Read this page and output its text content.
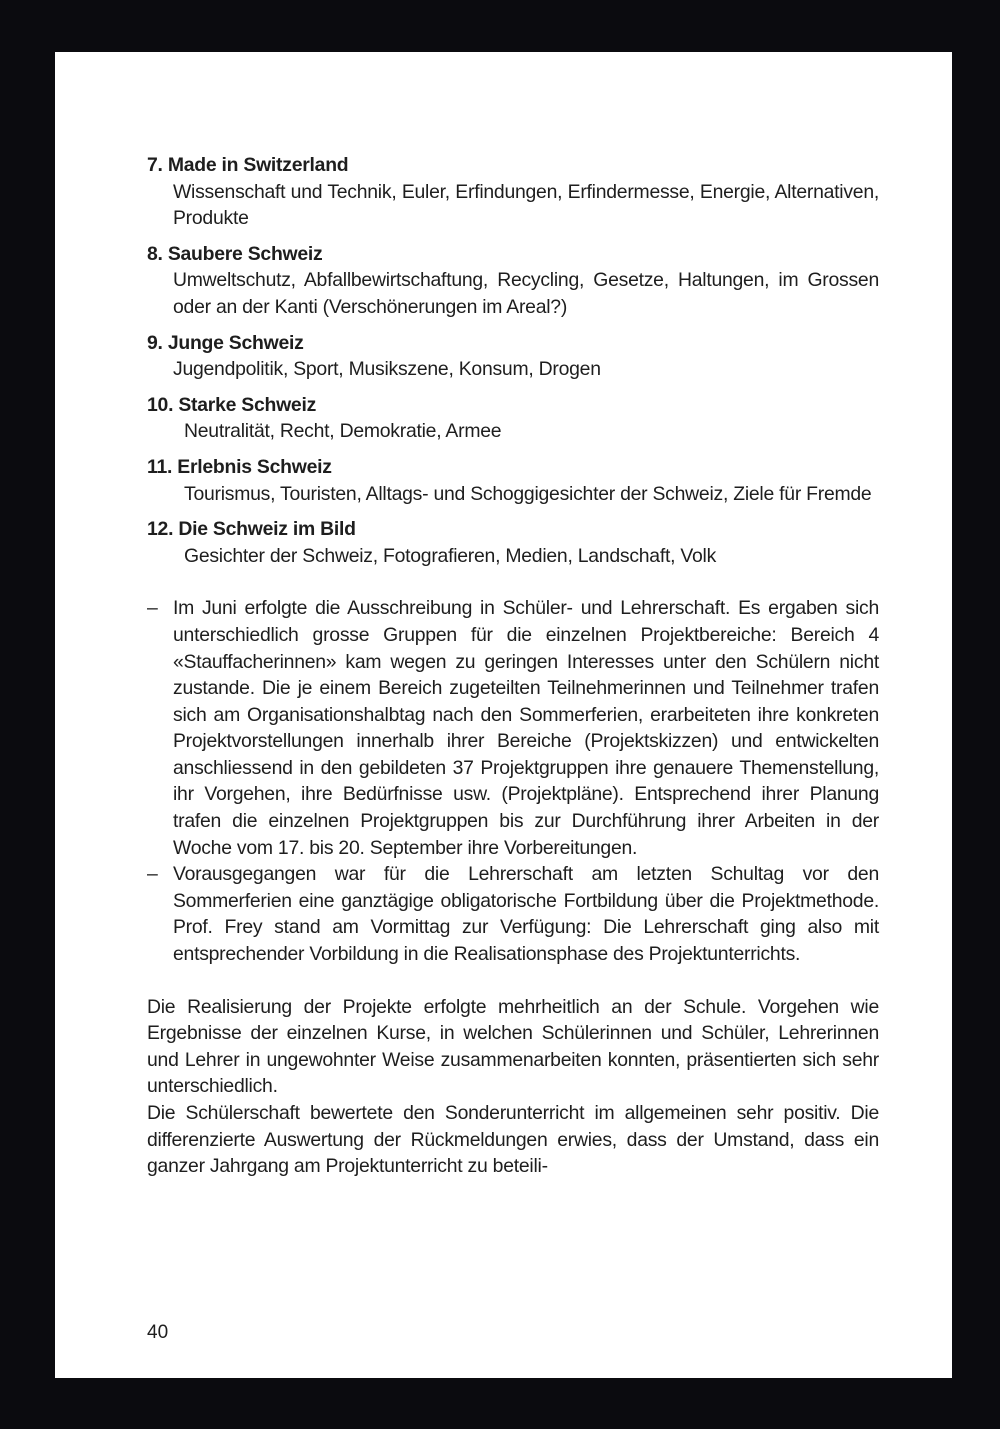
7.
Made in Switzerland
Wissenschaft und Technik, Euler, Erfindungen, Erfindermesse, Energie, Alternativen, Produkte
8.
Saubere Schweiz
Umweltschutz, Abfallbewirtschaftung, Recycling, Gesetze, Haltungen, im Grossen oder an der Kanti (Verschönerungen im Areal?)
9.
Junge Schweiz
Jugendpolitik, Sport, Musikszene, Konsum, Drogen
10.
Starke Schweiz
Neutralität, Recht, Demokratie, Armee
11.
Erlebnis Schweiz
Tourismus, Touristen, Alltags- und Schoggigesichter der Schweiz, Ziele für Fremde
12.
Die Schweiz im Bild
Gesichter der Schweiz, Fotografieren, Medien, Landschaft, Volk
– Im Juni erfolgte die Ausschreibung in Schüler- und Lehrerschaft. Es ergaben sich unterschiedlich grosse Gruppen für die einzelnen Projektbereiche: Bereich 4 «Stauffacherinnen» kam wegen zu geringen Interesses unter den Schülern nicht zustande. Die je einem Bereich zugeteilten Teilnehmerinnen und Teilnehmer trafen sich am Organisationshalbtag nach den Sommerferien, erarbeiteten ihre konkreten Projektvorstellungen innerhalb ihrer Bereiche (Projektskizzen) und entwickelten anschliessend in den gebildeten 37 Projektgruppen ihre genauere Themenstellung, ihr Vorgehen, ihre Bedürfnisse usw. (Projektpläne). Entsprechend ihrer Planung trafen die einzelnen Projektgruppen bis zur Durchführung ihrer Arbeiten in der Woche vom 17. bis 20. September ihre Vorbereitungen.
– Vorausgegangen war für die Lehrerschaft am letzten Schultag vor den Sommerferien eine ganztägige obligatorische Fortbildung über die Projektmethode. Prof. Frey stand am Vormittag zur Verfügung: Die Lehrerschaft ging also mit entsprechender Vorbildung in die Realisationsphase des Projektunterrichts.
Die Realisierung der Projekte erfolgte mehrheitlich an der Schule. Vorgehen wie Ergebnisse der einzelnen Kurse, in welchen Schülerinnen und Schüler, Lehrerinnen und Lehrer in ungewohnter Weise zusammenarbeiten konnten, präsentierten sich sehr unterschiedlich.
Die Schülerschaft bewertete den Sonderunterricht im allgemeinen sehr positiv. Die differenzierte Auswertung der Rückmeldungen erwies, dass der Umstand, dass ein ganzer Jahrgang am Projektunterricht zu beteili-
40
